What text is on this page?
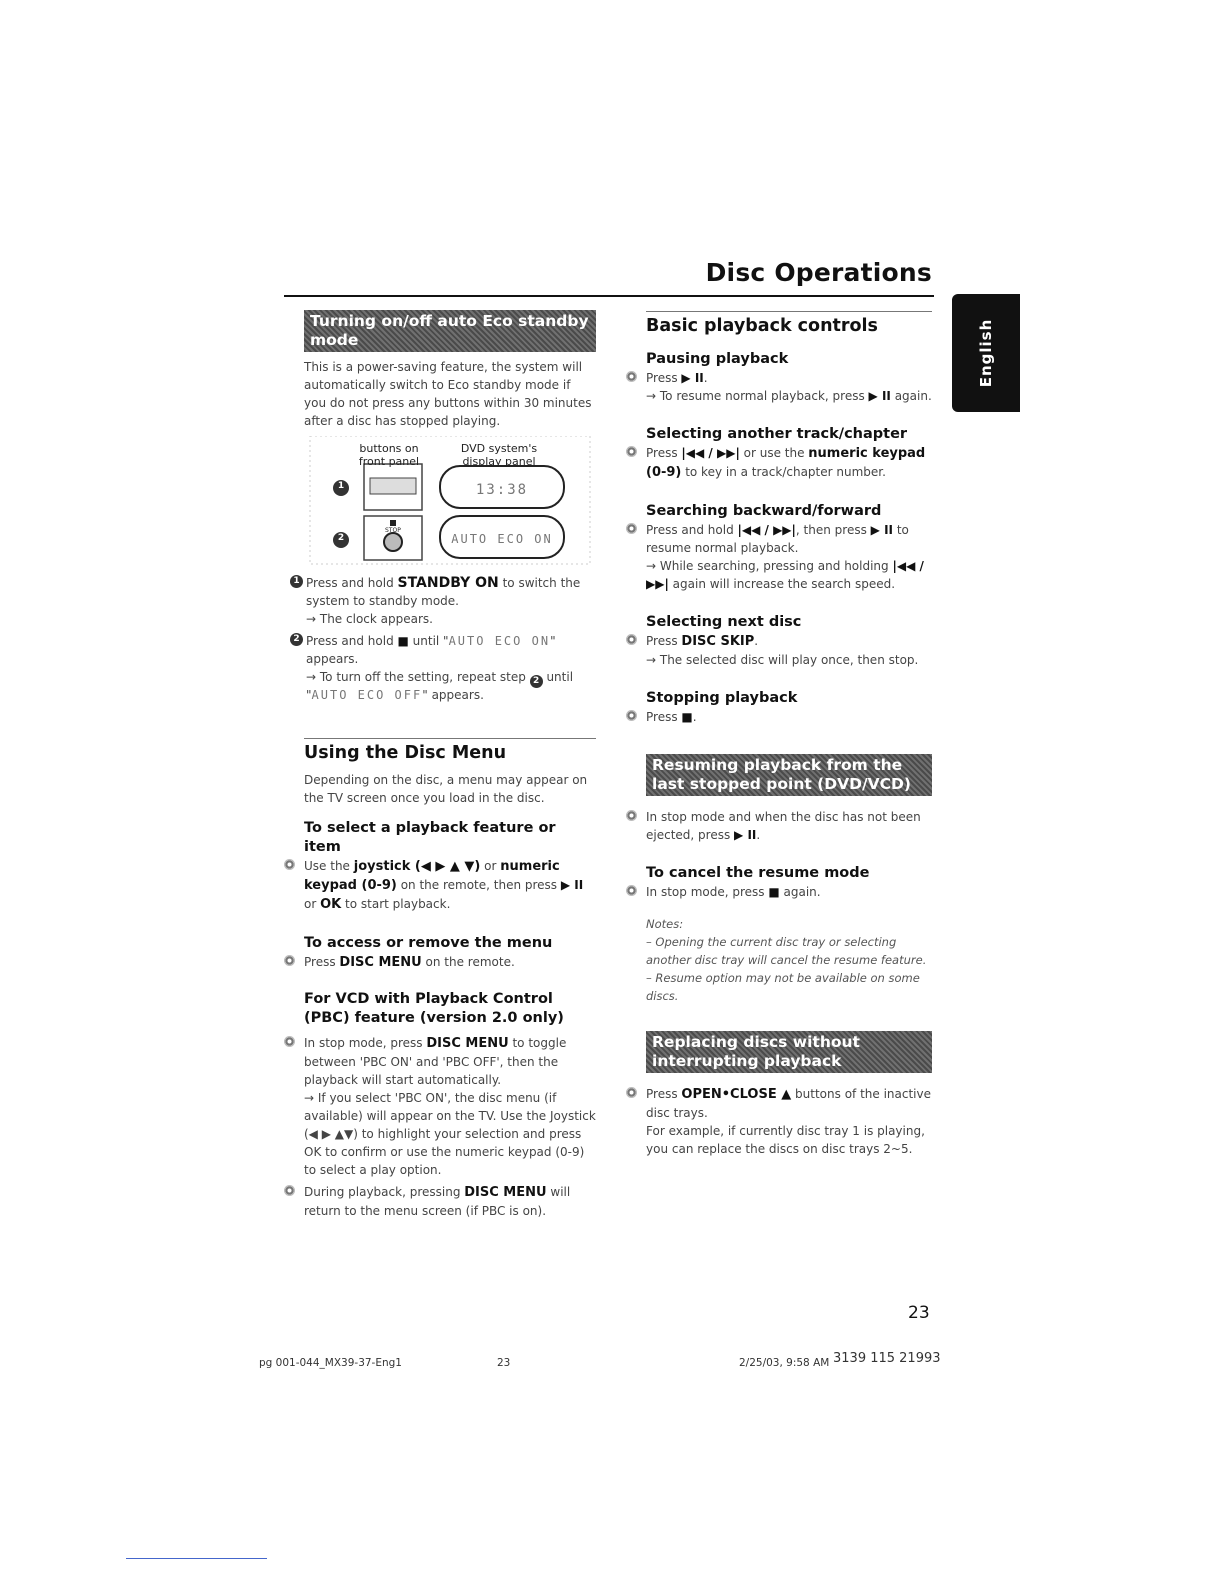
Disc Operations
English
Turning on/off auto Eco standby mode

This is a power-saving feature, the system will automatically switch to Eco standby mode if you do not press any buttons within 30 minutes after a disc has stopped playing.

buttons on front panel
DVD system's display panel
13:38
AUTO ECO ON
STOP
1
2
1 Press and hold STANDBY ON to switch the system to standby mode.
→ The clock appears.
2 Press and hold ■ until "AUTO ECO ON" appears.
→ To turn off the setting, repeat step 2 until "AUTO ECO OFF" appears.
Using the Disc Menu

Depending on the disc, a menu may appear on the TV screen once you load in the disc.

To select a playback feature or item
Use the joystick (◀ ▶ ▲ ▼) or numeric keypad (0-9) on the remote, then press ▶ II or OK to start playback.
To access or remove the menu
Press DISC MENU on the remote.
For VCD with Playback Control (PBC) feature (version 2.0 only)
In stop mode, press DISC MENU to toggle between 'PBC ON' and 'PBC OFF', then the playback will start automatically.
→ If you select 'PBC ON', the disc menu (if available) will appear on the TV. Use the Joystick (◀ ▶ ▲▼) to highlight your selection and press OK to confirm or use the numeric keypad (0-9) to select a play option.
During playback, pressing DISC MENU will return to the menu screen (if PBC is on).
Basic playback controls
Pausing playback
Press ▶ II.
→ To resume normal playback, press ▶ II again.
Selecting another track/chapter
Press |◀◀ / ▶▶| or use the numeric keypad (0-9) to key in a track/chapter number.
Searching backward/forward
Press and hold |◀◀ / ▶▶|, then press ▶ II to resume normal playback.
→ While searching, pressing and holding |◀◀ / ▶▶| again will increase the search speed.
Selecting next disc
Press DISC SKIP.
→ The selected disc will play once, then stop.
Stopping playback
Press ■.
Resuming playback from the last stopped point (DVD/VCD)
In stop mode and when the disc has not been ejected, press ▶ II.
To cancel the resume mode
In stop mode, press ■ again.
Notes:
– Opening the current disc tray or selecting another disc tray will cancel the resume feature.
– Resume option may not be available on some discs.
Replacing discs without interrupting playback
Press OPEN•CLOSE ▲ buttons of the inactive disc trays.
For example, if currently disc tray 1 is playing, you can replace the discs on disc trays 2~5.
23
pg 001-044_MX39-37-Eng1	23	2/25/03, 9:58 AM 3139 115 21993
